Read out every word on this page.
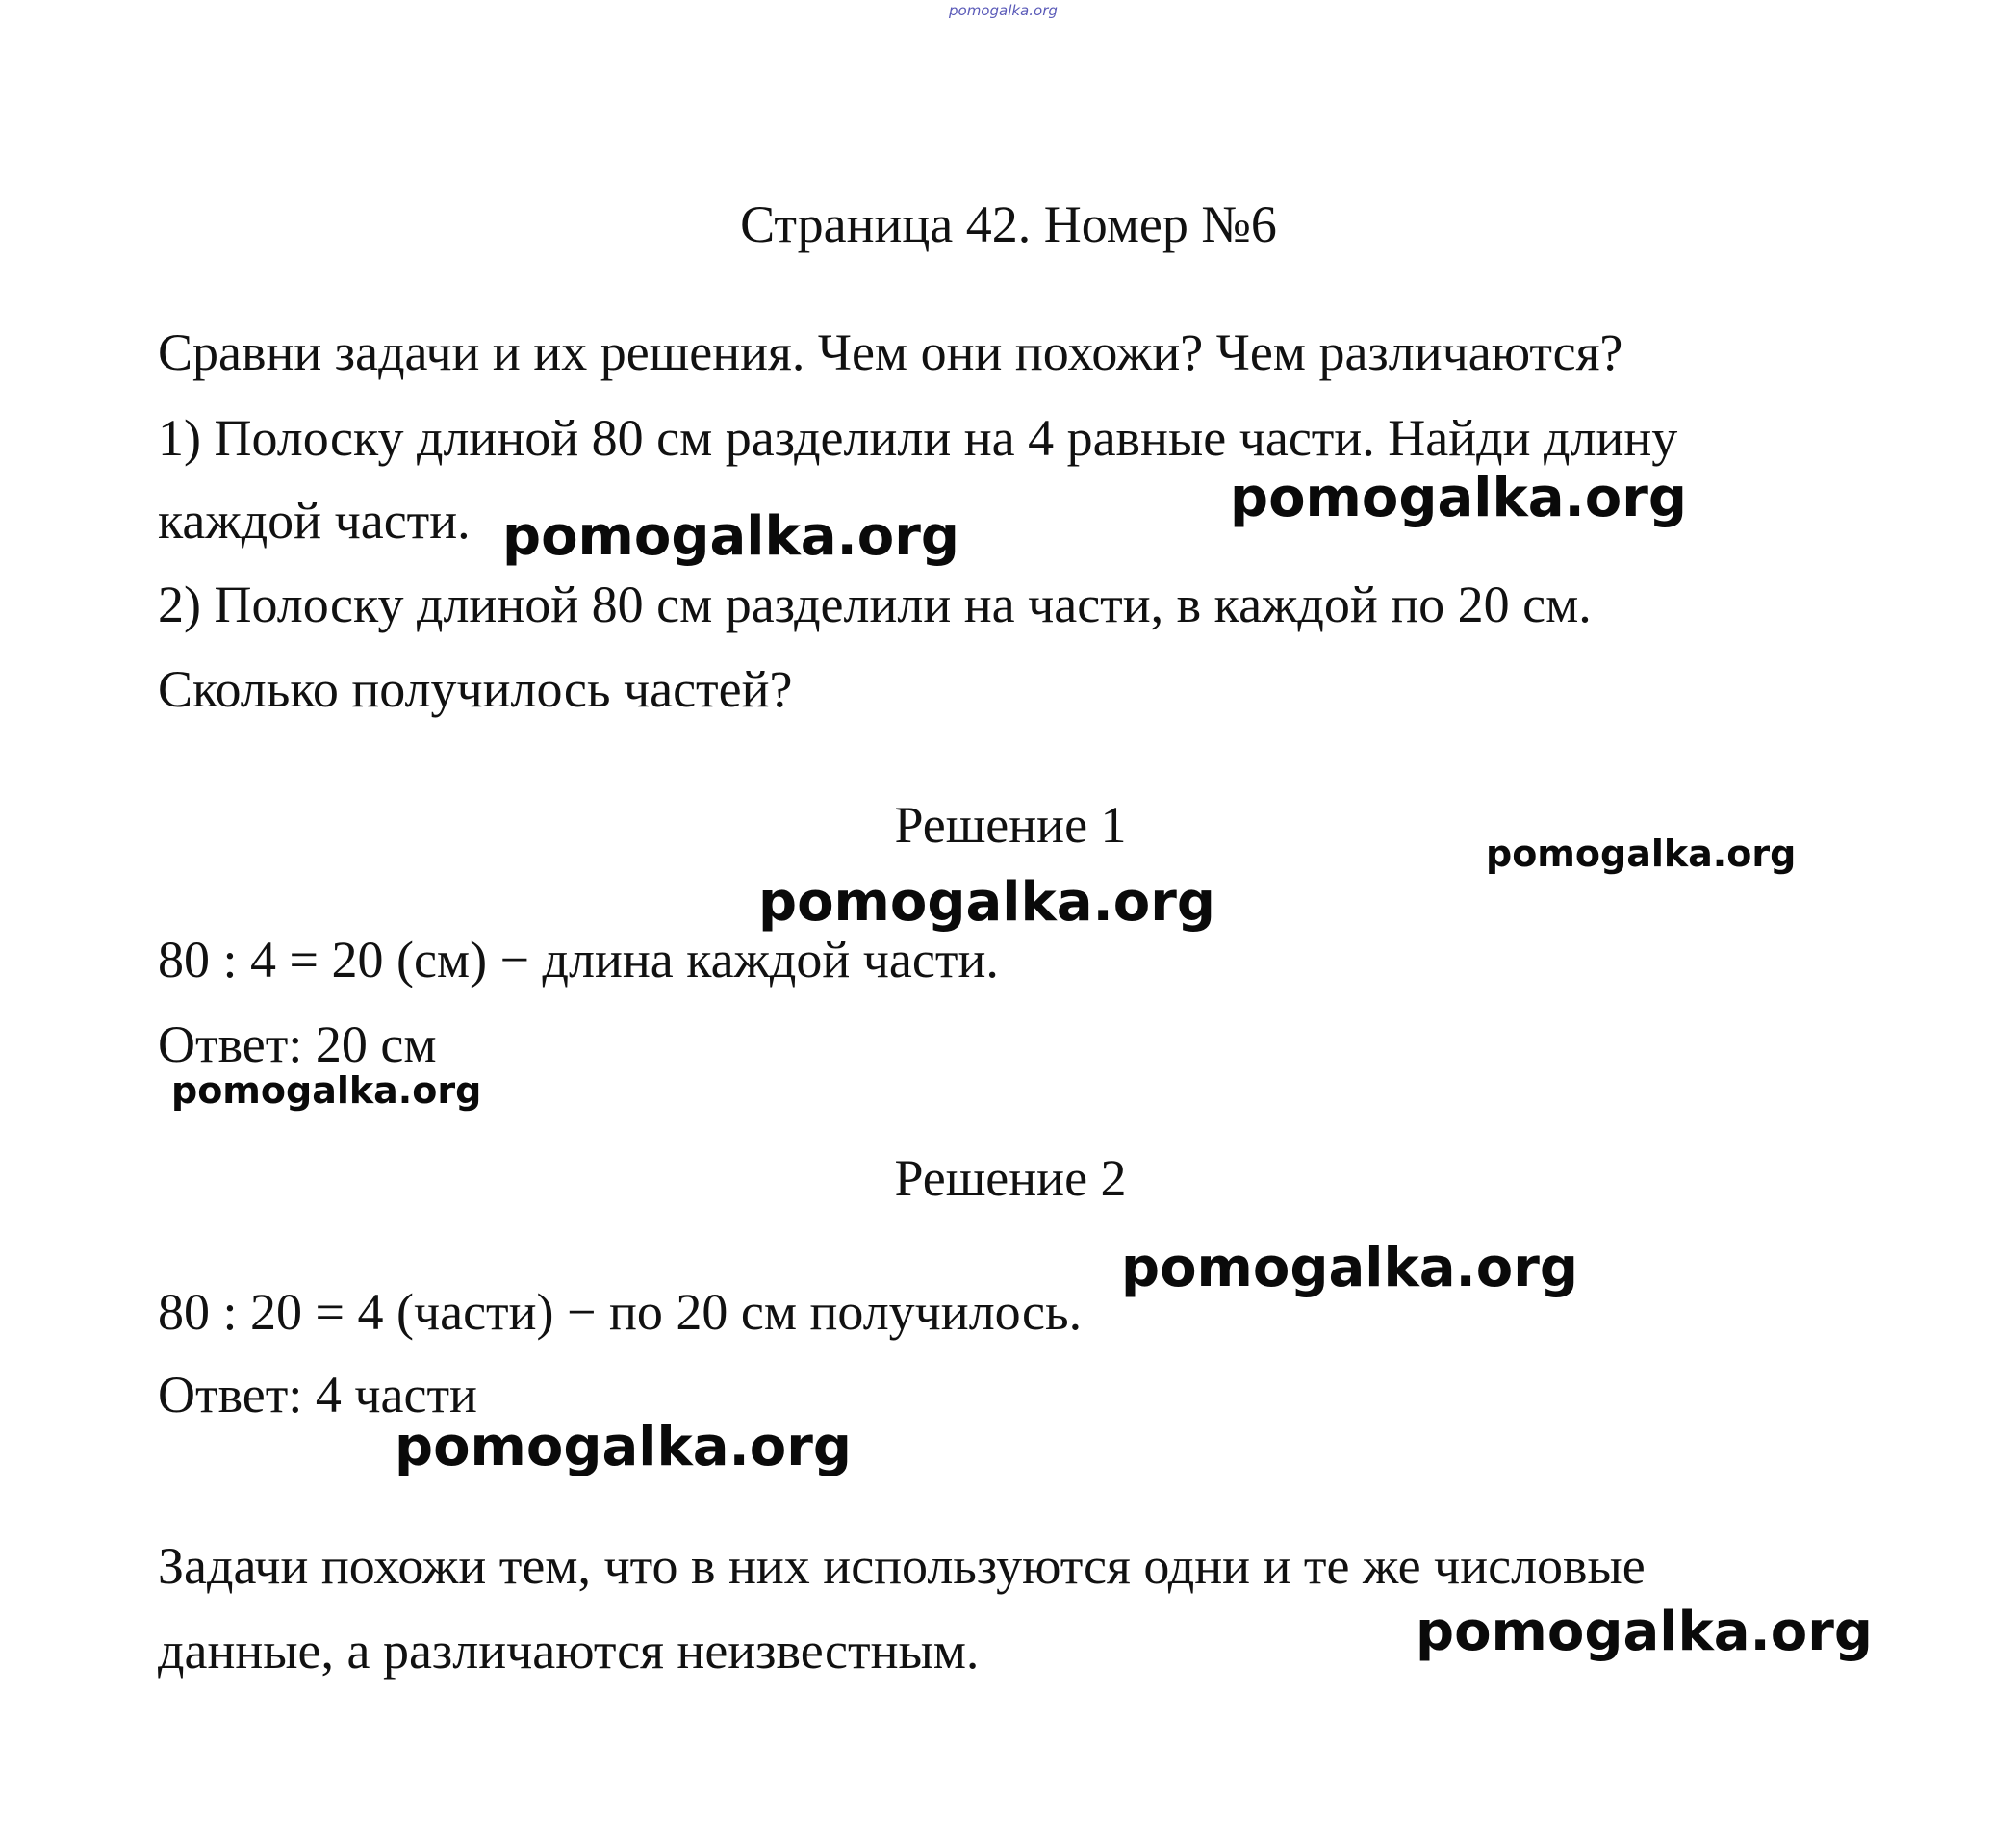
pomogalka.org
Страница 42. Номер №6
Сравни задачи и их решения. Чем они похожи? Чем различаются?
1) Полоску длиной 80 см разделили на 4 равные части. Найди длину
каждой части.
2) Полоску длиной 80 см разделили на части, в каждой по 20 см.
Сколько получилось частей?
Решение 1
80 : 4 = 20 (см) − длина каждой части.
Ответ: 20 см
Решение 2
80 : 20 = 4 (части) − по 20 см получилось.
Ответ: 4 части
Задачи похожи тем, что в них используются одни и те же числовые
данные, а различаются неизвестным.
pomogalka.org
pomogalka.org
pomogalka.org
pomogalka.org
pomogalka.org
pomogalka.org
pomogalka.org
pomogalka.org
